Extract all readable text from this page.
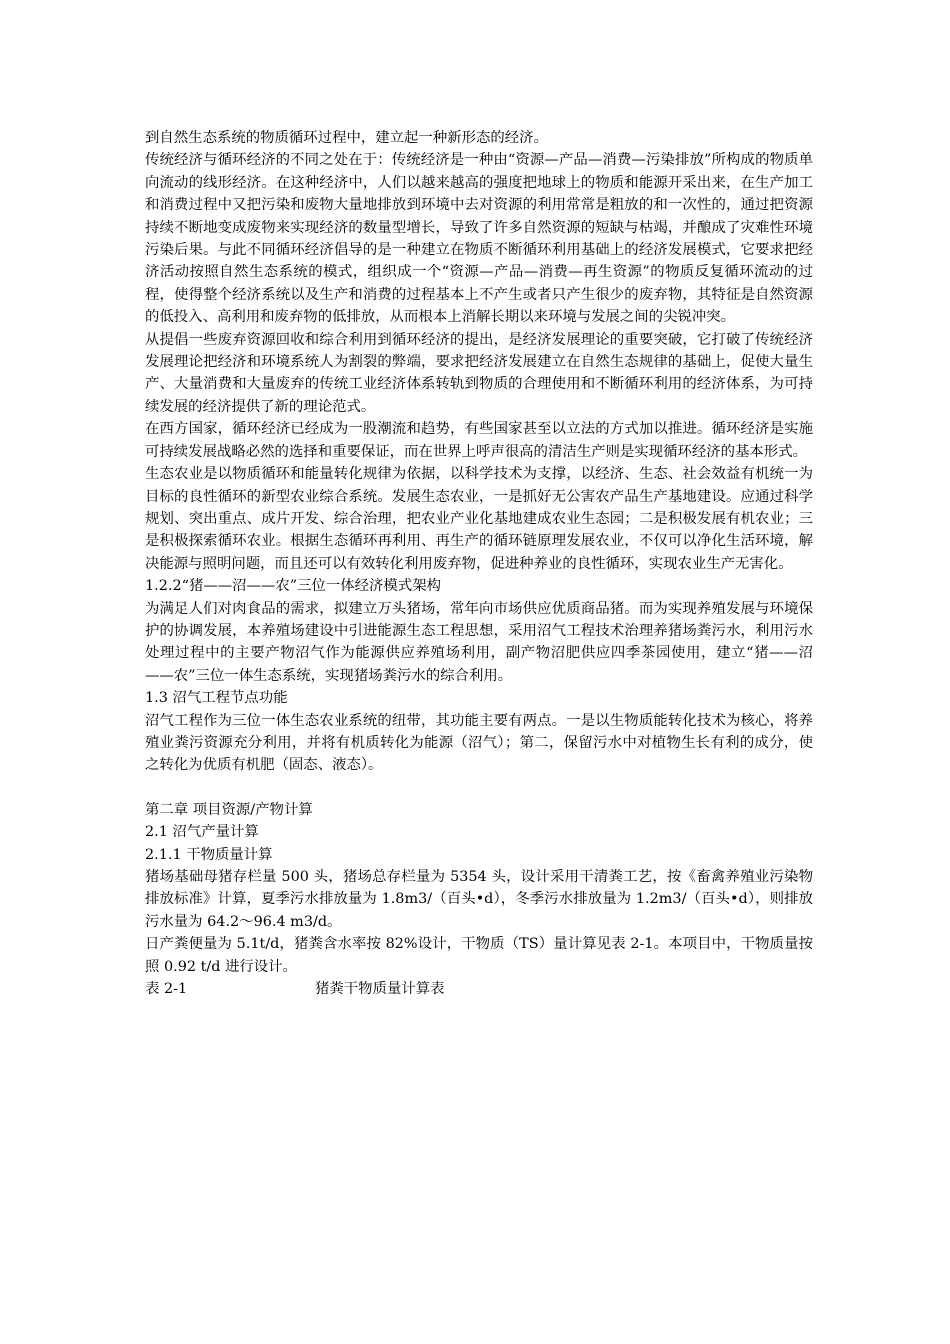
到自然生态系统的物质循环过程中，建立起一种新形态的经济。

传统经济与循环经济的不同之处在于：传统经济是一种由“资源—产品—消费—污染排放”所构成的物质单向流动的线形经济。在这种经济中，人们以越来越高的强度把地球上的物质和能源开采出来，在生产加工和消费过程中又把污染和废物大量地排放到环境中去对资源的利用常常是粗放的和一次性的，通过把资源持续不断地变成废物来实现经济的数量型增长，导致了许多自然资源的短缺与枯竭，并酿成了灾难性环境污染后果。与此不同循环经济倡导的是一种建立在物质不断循环利用基础上的经济发展模式，它要求把经济活动按照自然生态系统的模式，组织成一个“资源—产品—消费—再生资源”的物质反复循环流动的过程，使得整个经济系统以及生产和消费的过程基本上不产生或者只产生很少的废弃物，其特征是自然资源的低投入、高利用和废弃物的低排放，从而根本上消解长期以来环境与发展之间的尖锐冲突。

从提倡一些废弃资源回收和综合利用到循环经济的提出，是经济发展理论的重要突破，它打破了传统经济发展理论把经济和环境系统人为割裂的弊端，要求把经济发展建立在自然生态规律的基础上，促使大量生产、大量消费和大量废弃的传统工业经济体系转轨到物质的合理使用和不断循环利用的经济体系，为可持续发展的经济提供了新的理论范式。

在西方国家，循环经济已经成为一股潮流和趋势，有些国家甚至以立法的方式加以推进。循环经济是实施可持续发展战略必然的选择和重要保证，而在世界上呼声很高的清洁生产则是实现循环经济的基本形式。

生态农业是以物质循环和能量转化规律为依据，以科学技术为支撑，以经济、生态、社会效益有机统一为目标的良性循环的新型农业综合系统。发展生态农业，一是抓好无公害农产品生产基地建设。应通过科学规划、突出重点、成片开发、综合治理，把农业产业化基地建成农业生态园；二是积极发展有机农业；三是积极探索循环农业。根据生态循环再利用、再生产的循环链原理发展农业，不仅可以净化生活环境，解决能源与照明问题，而且还可以有效转化利用废弃物，促进种养业的良性循环，实现农业生产无害化。

1.2.2“猪——沼——农”三位一体经济模式架构

为满足人们对肉食品的需求，拟建立万头猪场，常年向市场供应优质商品猪。而为实现养殖发展与环境保护的协调发展，本养殖场建设中引进能源生态工程思想，采用沼气工程技术治理养猪场粪污水，利用污水处理过程中的主要产物沼气作为能源供应养殖场利用，副产物沼肥供应四季茶园使用，建立“猪——沼——农”三位一体生态系统，实现猪场粪污水的综合利用。

1.3 沼气工程节点功能

沼气工程作为三位一体生态农业系统的纽带，其功能主要有两点。一是以生物质能转化技术为核心，将养殖业粪污资源充分利用，并将有机质转化为能源（沼气）；第二，保留污水中对植物生长有利的成分，使之转化为优质有机肥（固态、液态）。

第二章 项目资源/产物计算

2.1 沼气产量计算

2.1.1 干物质量计算

猪场基础母猪存栏量 500 头，猪场总存栏量为 5354 头，设计采用干清粪工艺，按《畜禽养殖业污染物排放标准》计算，夏季污水排放量为 1.8m3/（百头•d），冬季污水排放量为 1.2m3/（百头•d），则排放污水量为 64.2～96.4 m3/d。

日产粪便量为 5.1t/d，猪粪含水率按 82%设计，干物质（TS）量计算见表 2-1。本项目中，干物质量按照 0.92 t/d 进行设计。

表 2-1	猪粪干物质量计算表
